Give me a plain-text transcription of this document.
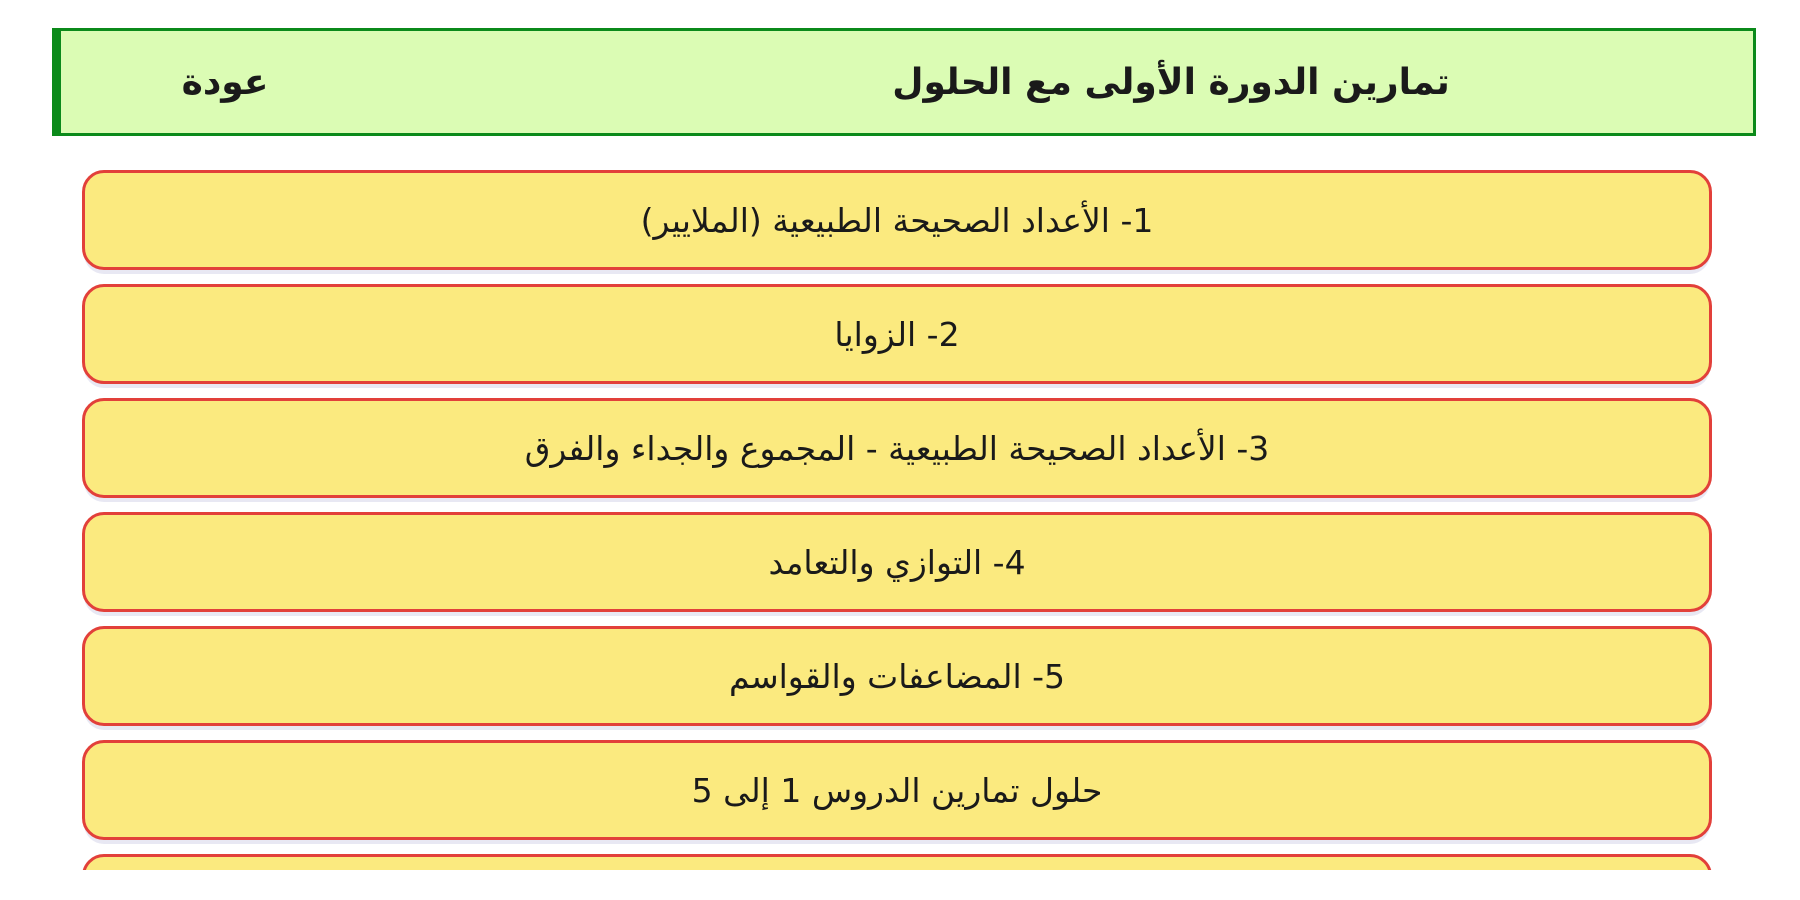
تمارين الدورة الأولى مع الحلول
عودة
1- الأعداد الصحيحة الطبيعية (الملايير)
2- الزوايا
3- الأعداد الصحيحة الطبيعية - المجموع والجداء والفرق
4- التوازي والتعامد
5- المضاعفات والقواسم
حلول تمارين الدروس 1 إلى 5
